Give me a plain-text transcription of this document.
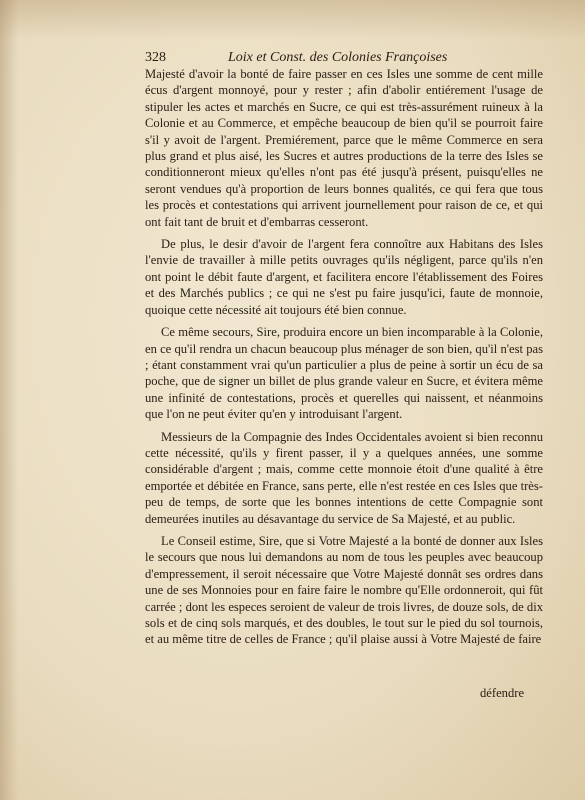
328	Loix et Const. des Colonies Françoises

Majesté d'avoir la bonté de faire passer en ces Isles une somme de cent mille écus d'argent monnoyé, pour y rester ; afin d'abolir entiérement l'usage de stipuler les actes et marchés en Sucre, ce qui est très-assurément ruineux à la Colonie et au Commerce, et empêche beaucoup de bien qu'il se pourroit faire s'il y avoit de l'argent. Premiérement, parce que le même Commerce en sera plus grand et plus aisé, les Sucres et autres productions de la terre des Isles se conditionneront mieux qu'elles n'ont pas été jusqu'à présent, puisqu'elles ne seront vendues qu'à proportion de leurs bonnes qualités, ce qui fera que tous les procès et contestations qui arrivent journellement pour raison de ce, et qui ont fait tant de bruit et d'embarras cesseront.

De plus, le desir d'avoir de l'argent fera connoître aux Habitans des Isles l'envie de travailler à mille petits ouvrages qu'ils négligent, parce qu'ils n'en ont point le débit faute d'argent, et facilitera encore l'établissement des Foires et des Marchés publics ; ce qui ne s'est pu faire jusqu'ici, faute de monnoie, quoique cette nécessité ait toujours été bien connue.

Ce même secours, Sire, produira encore un bien incomparable à la Colonie, en ce qu'il rendra un chacun beaucoup plus ménager de son bien, qu'il n'est pas ; étant constamment vrai qu'un particulier a plus de peine à sortir un écu de sa poche, que de signer un billet de plus grande valeur en Sucre, et évitera même une infinité de contestations, procès et querelles qui naissent, et néanmoins que l'on ne peut éviter qu'en y introduisant l'argent.

Messieurs de la Compagnie des Indes Occidentales avoient si bien reconnu cette nécessité, qu'ils y firent passer, il y a quelques années, une somme considérable d'argent ; mais, comme cette monnoie étoit d'une qualité à être emportée et débitée en France, sans perte, elle n'est restée en ces Isles que très-peu de temps, de sorte que les bonnes intentions de cette Compagnie sont demeurées inutiles au désavantage du service de Sa Majesté, et au public.

Le Conseil estime, Sire, que si Votre Majesté a la bonté de donner aux Isles le secours que nous lui demandons au nom de tous les peuples avec beaucoup d'empressement, il seroit nécessaire que Votre Majesté donnât ses ordres dans une de ses Monnoies pour en faire faire le nombre qu'Elle ordonneroit, qui fût carrée ; dont les especes seroient de valeur de trois livres, de douze sols, de dix sols et de cinq sols marqués, et des doubles, le tout sur le pied du sol tournois, et au même titre de celles de France ; qu'il plaise aussi à Votre Majesté de faire

défendre
